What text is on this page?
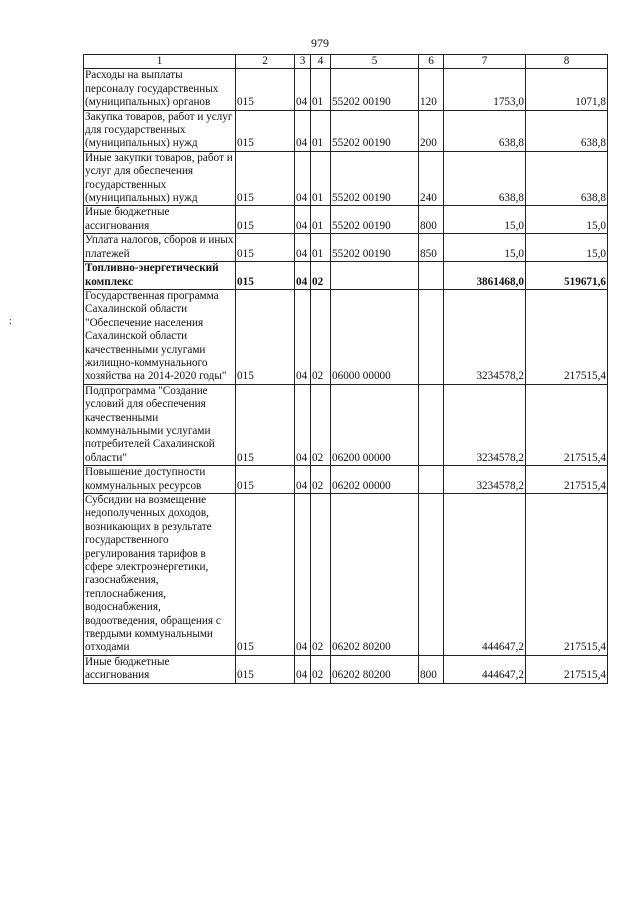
979
:
1	2	3	4	5	6	7	8
Расходы на выплаты персоналу государственных (муниципальных) органов	015	04	01	55202 00190	120	1753,0	1071,8
Закупка товаров, работ и услуг для государственных (муниципальных) нужд	015	04	01	55202 00190	200	638,8	638,8
Иные закупки товаров, работ и услуг для обеспечения государственных (муниципальных) нужд	015	04	01	55202 00190	240	638,8	638,8
Иные бюджетные ассигнования	015	04	01	55202 00190	800	15,0	15,0
Уплата налогов, сборов и иных платежей	015	04	01	55202 00190	850	15,0	15,0
Топливно-энергетический комплекс	015	04	02			3861468,0	519671,6
Государственная программа Сахалинской области "Обеспечение населения Сахалинской области качественными услугами жилищно-коммунального хозяйства на 2014-2020 годы"	015	04	02	06000 00000		3234578,2	217515,4
Подпрограмма "Создание условий для обеспечения качественными коммунальными услугами потребителей Сахалинской области"	015	04	02	06200 00000		3234578,2	217515,4
Повышение доступности коммунальных ресурсов	015	04	02	06202 00000		3234578,2	217515,4
Субсидии на возмещение недополученных доходов, возникающих в результате государственного регулирования тарифов в сфере электроэнергетики, газоснабжения, теплоснабжения, водоснабжения, водоотведения, обращения с твердыми коммунальными отходами	015	04	02	06202 80200		444647,2	217515,4
Иные бюджетные ассигнования	015	04	02	06202 80200	800	444647,2	217515,4
